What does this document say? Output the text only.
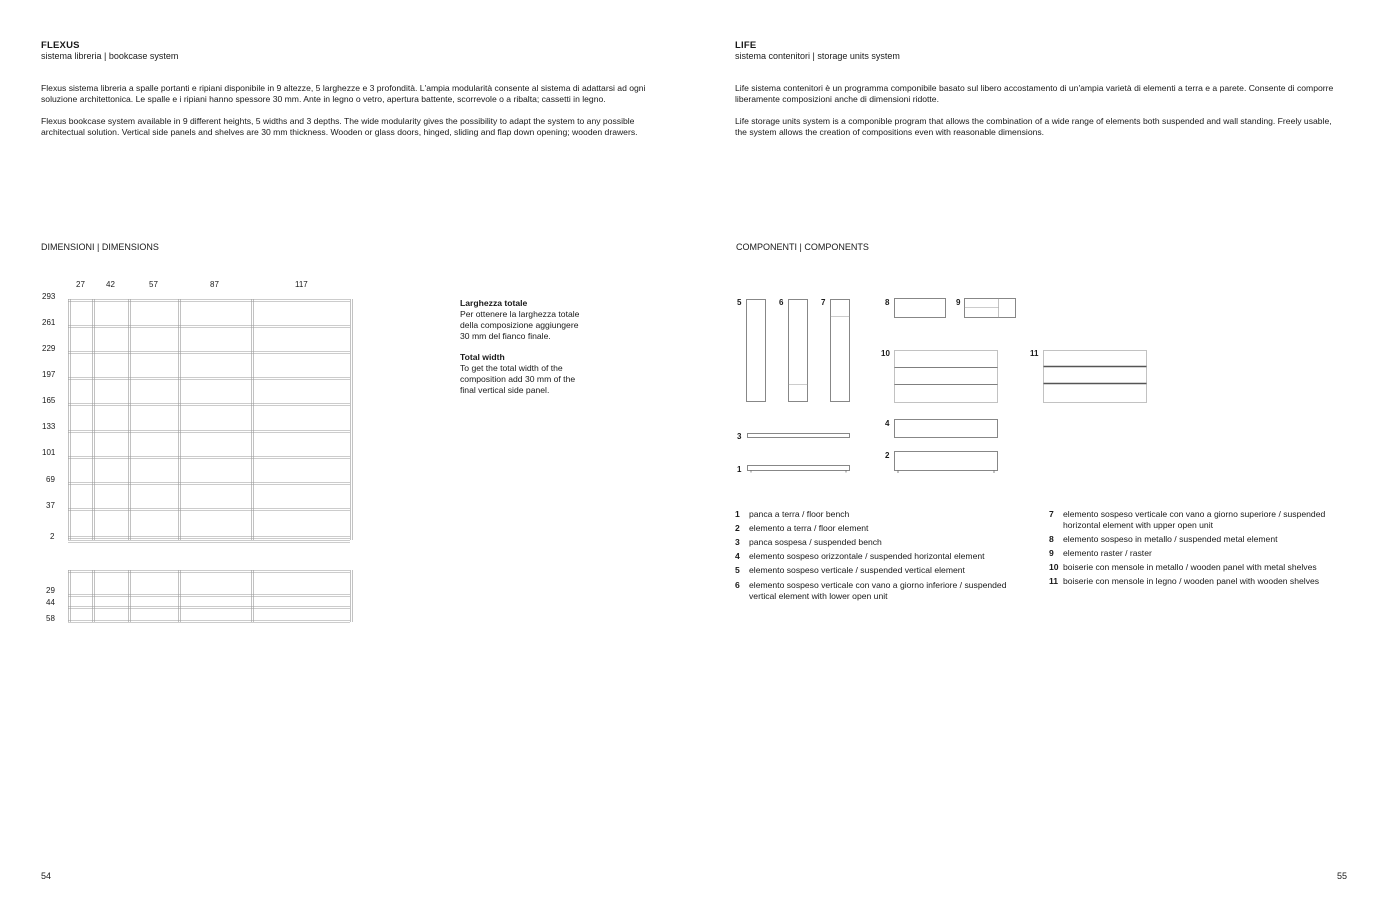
FLEXUS
sistema libreria | bookcase system
Flexus sistema libreria a spalle portanti e ripiani disponibile in 9 altezze, 5 larghezze e 3 profondità. L'ampia modularità consente al sistema di adattarsi ad ogni soluzione architettonica. Le spalle e i ripiani hanno spessore 30 mm. Ante in legno o vetro, apertura battente, scorrevole o a ribalta; cassetti in legno.
Flexus bookcase system available in 9 different heights, 5 widths and 3 depths. The wide modularity gives the possibility to adapt the system to any possible architectual solution. Vertical side panels and shelves are 30 mm thickness. Wooden or glass doors, hinged, sliding and flap down opening; wooden drawers.
DIMENSIONI | DIMENSIONS
27	42	57	87	117
293
261
229
197
165
133
101
69
37
2
29
44
58
Larghezza totale
Per ottenere la larghezza totale della composizione aggiungere 30 mm del fianco finale.
Total width
To get the total width of the composition add 30 mm of the final vertical side panel.
54
LIFE
sistema contenitori | storage units system
Life sistema contenitori è un programma componibile basato sul libero accostamento di un'ampia varietà di elementi a terra e a parete. Consente di comporre liberamente composizioni anche di dimensioni ridotte.
Life storage units system is a componible program that allows the combination of a wide range of elements both suspended and wall standing. Freely usable, the system allows the creation of compositions even with reasonable dimensions.
COMPONENTI | COMPONENTS
5	6	7	8	9
10	11
4
3
2
1
1 panca a terra / floor bench
2 elemento a terra / floor element
3 panca sospesa / suspended bench
4 elemento sospeso orizzontale / suspended horizontal element
5 elemento sospeso verticale / suspended vertical element
6 elemento sospeso verticale con vano a giorno inferiore / suspended vertical element with lower open unit
7 elemento sospeso verticale con vano a giorno superiore / suspended horizontal element with upper open unit
8 elemento sospeso in metallo / suspended metal element
9 elemento raster / raster
10 boiserie con mensole in metallo / wooden panel with metal shelves
11 boiserie con mensole in legno / wooden panel with wooden shelves
55
